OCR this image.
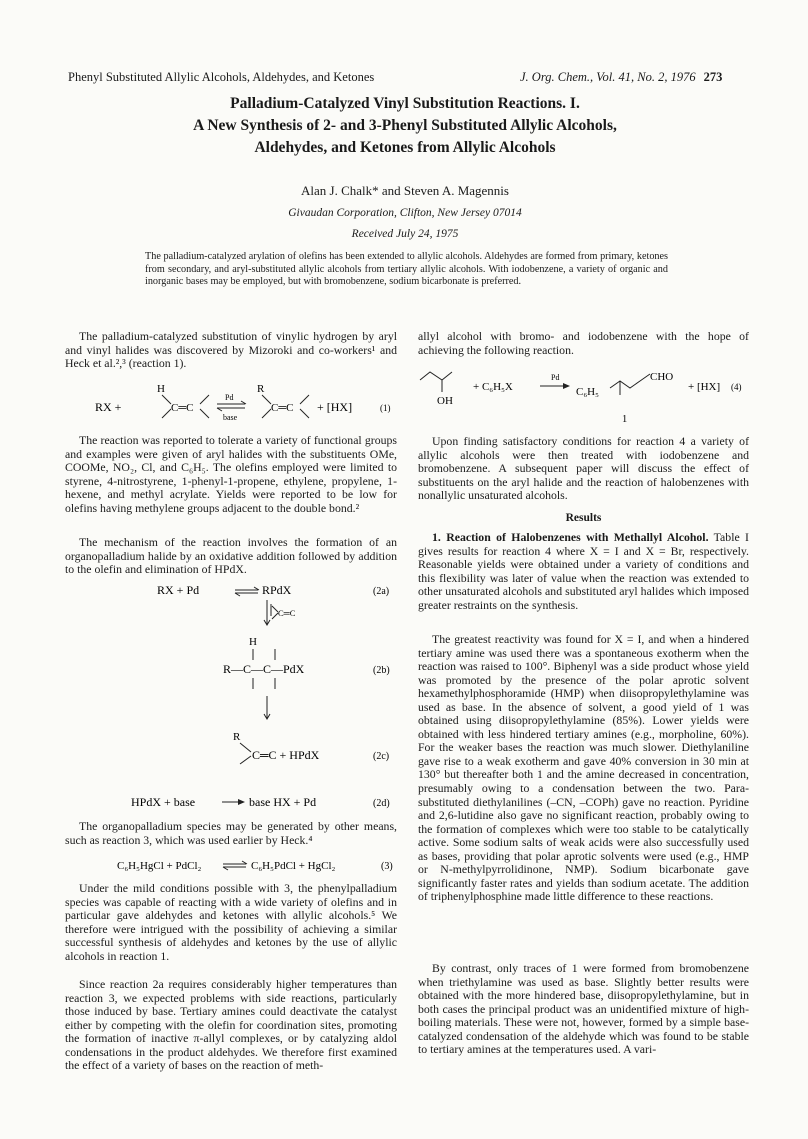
Phenyl Substituted Allylic Alcohols, Aldehydes, and Ketones	J. Org. Chem., Vol. 41, No. 2, 1976 273
Palladium-Catalyzed Vinyl Substitution Reactions. I.
A New Synthesis of 2- and 3-Phenyl Substituted Allylic Alcohols,
Aldehydes, and Ketones from Allylic Alcohols
Alan J. Chalk* and Steven A. Magennis
Givaudan Corporation, Clifton, New Jersey 07014
Received July 24, 1975
The palladium-catalyzed arylation of olefins has been extended to allylic alcohols. Aldehydes are formed from primary, ketones from secondary, and aryl-substituted allylic alcohols from tertiary allylic alcohols. With iodobenzene, a variety of organic and inorganic bases may be employed, but with bromobenzene, sodium bicarbonate is preferred.

The palladium-catalyzed substitution of vinylic hydrogen by aryl and vinyl halides was discovered by Mizoroki and co-workers¹ and Heck et al.²,³ (reaction 1).

RX +
H
C═C
Pd
base
R
C═C + [HX]	(1)

The reaction was reported to tolerate a variety of functional groups and examples were given of aryl halides with the substituents OMe, COOMe, NO₂, Cl, and C₆H₅. The olefins employed were limited to styrene, 4-nitrostyrene, 1-phenyl-1-propene, ethylene, propylene, 1-hexene, and methyl acrylate. Yields were reported to be low for olefins having methylene groups adjacent to the double bond.²

The mechanism of the reaction involves the formation of an organopalladium halide by an oxidative addition followed by addition to the olefin and elimination of HPdX.

RX + Pd	RPdX	(2a)
C═C
H
R—C—C—PdX	(2b)
R
C═C + HPdX	(2c)
HPdX + base	base HX + Pd	(2d)

The organopalladium species may be generated by other means, such as reaction 3, which was used earlier by Heck.⁴

C₆H₅HgCl + PdCl₂	C₆H₅PdCl + HgCl₂	(3)

Under the mild conditions possible with 3, the phenylpalladium species was capable of reacting with a wide variety of olefins and in particular gave aldehydes and ketones with allylic alcohols.⁵ We therefore were intrigued with the possibility of achieving a similar successful synthesis of aldehydes and ketones by the use of allylic alcohols in reaction 1.

Since reaction 2a requires considerably higher temperatures than reaction 3, we expected problems with side reactions, particularly those induced by base. Tertiary amines could deactivate the catalyst either by competing with the olefin for coordination sites, promoting the formation of inactive π-allyl complexes, or by catalyzing aldol condensations in the product aldehydes. We therefore first examined the effect of a variety of bases on the reaction of meth-

allyl alcohol with bromo- and iodobenzene with the hope of achieving the following reaction.

OH
+ C₆H₅X
Pd
C₆H₅
CHO
+ [HX] (4)
1

Upon finding satisfactory conditions for reaction 4 a variety of allylic alcohols were then treated with iodobenzene and bromobenzene. A subsequent paper will discuss the effect of substituents on the aryl halide and the reaction of halobenzenes with nonallylic unsaturated alcohols.

Results

1. Reaction of Halobenzenes with Methallyl Alcohol. Table I gives results for reaction 4 where X = I and X = Br, respectively. Reasonable yields were obtained under a variety of conditions and this flexibility was later of value when the reaction was extended to other unsaturated alcohols and substituted aryl halides which imposed greater restraints on the synthesis.

The greatest reactivity was found for X = I, and when a hindered tertiary amine was used there was a spontaneous exotherm when the reaction was raised to 100°. Biphenyl was a side product whose yield was promoted by the presence of the polar aprotic solvent hexamethylphosphoramide (HMP) when diisopropylethylamine was used as base. In the absence of solvent, a good yield of 1 was obtained using diisopropylethylamine (85%). Lower yields were obtained with less hindered tertiary amines (e.g., morpholine, 60%). For the weaker bases the reaction was much slower. Diethylaniline gave rise to a weak exotherm and gave 40% conversion in 30 min at 130° but thereafter both 1 and the amine decreased in concentration, presumably owing to a condensation between the two. Para-substituted diethylanilines (–CN, –COPh) gave no reaction. Pyridine and 2,6-lutidine also gave no significant reaction, probably owing to the formation of complexes which were too stable to be catalytically active. Some sodium salts of weak acids were also successfully used as bases, providing that polar aprotic solvents were used (e.g., HMP or N-methylpyrrolidinone, NMP). Sodium bicarbonate gave significantly faster rates and yields than sodium acetate. The addition of triphenylphosphine made little difference to these reactions.

By contrast, only traces of 1 were formed from bromobenzene when triethylamine was used as base. Slightly better results were obtained with the more hindered base, diisopropylethylamine, but in both cases the principal product was an unidentified mixture of high-boiling materials. These were not, however, formed by a simple base-catalyzed condensation of the aldehyde which was found to be stable to tertiary amines at the temperatures used. A vari-
